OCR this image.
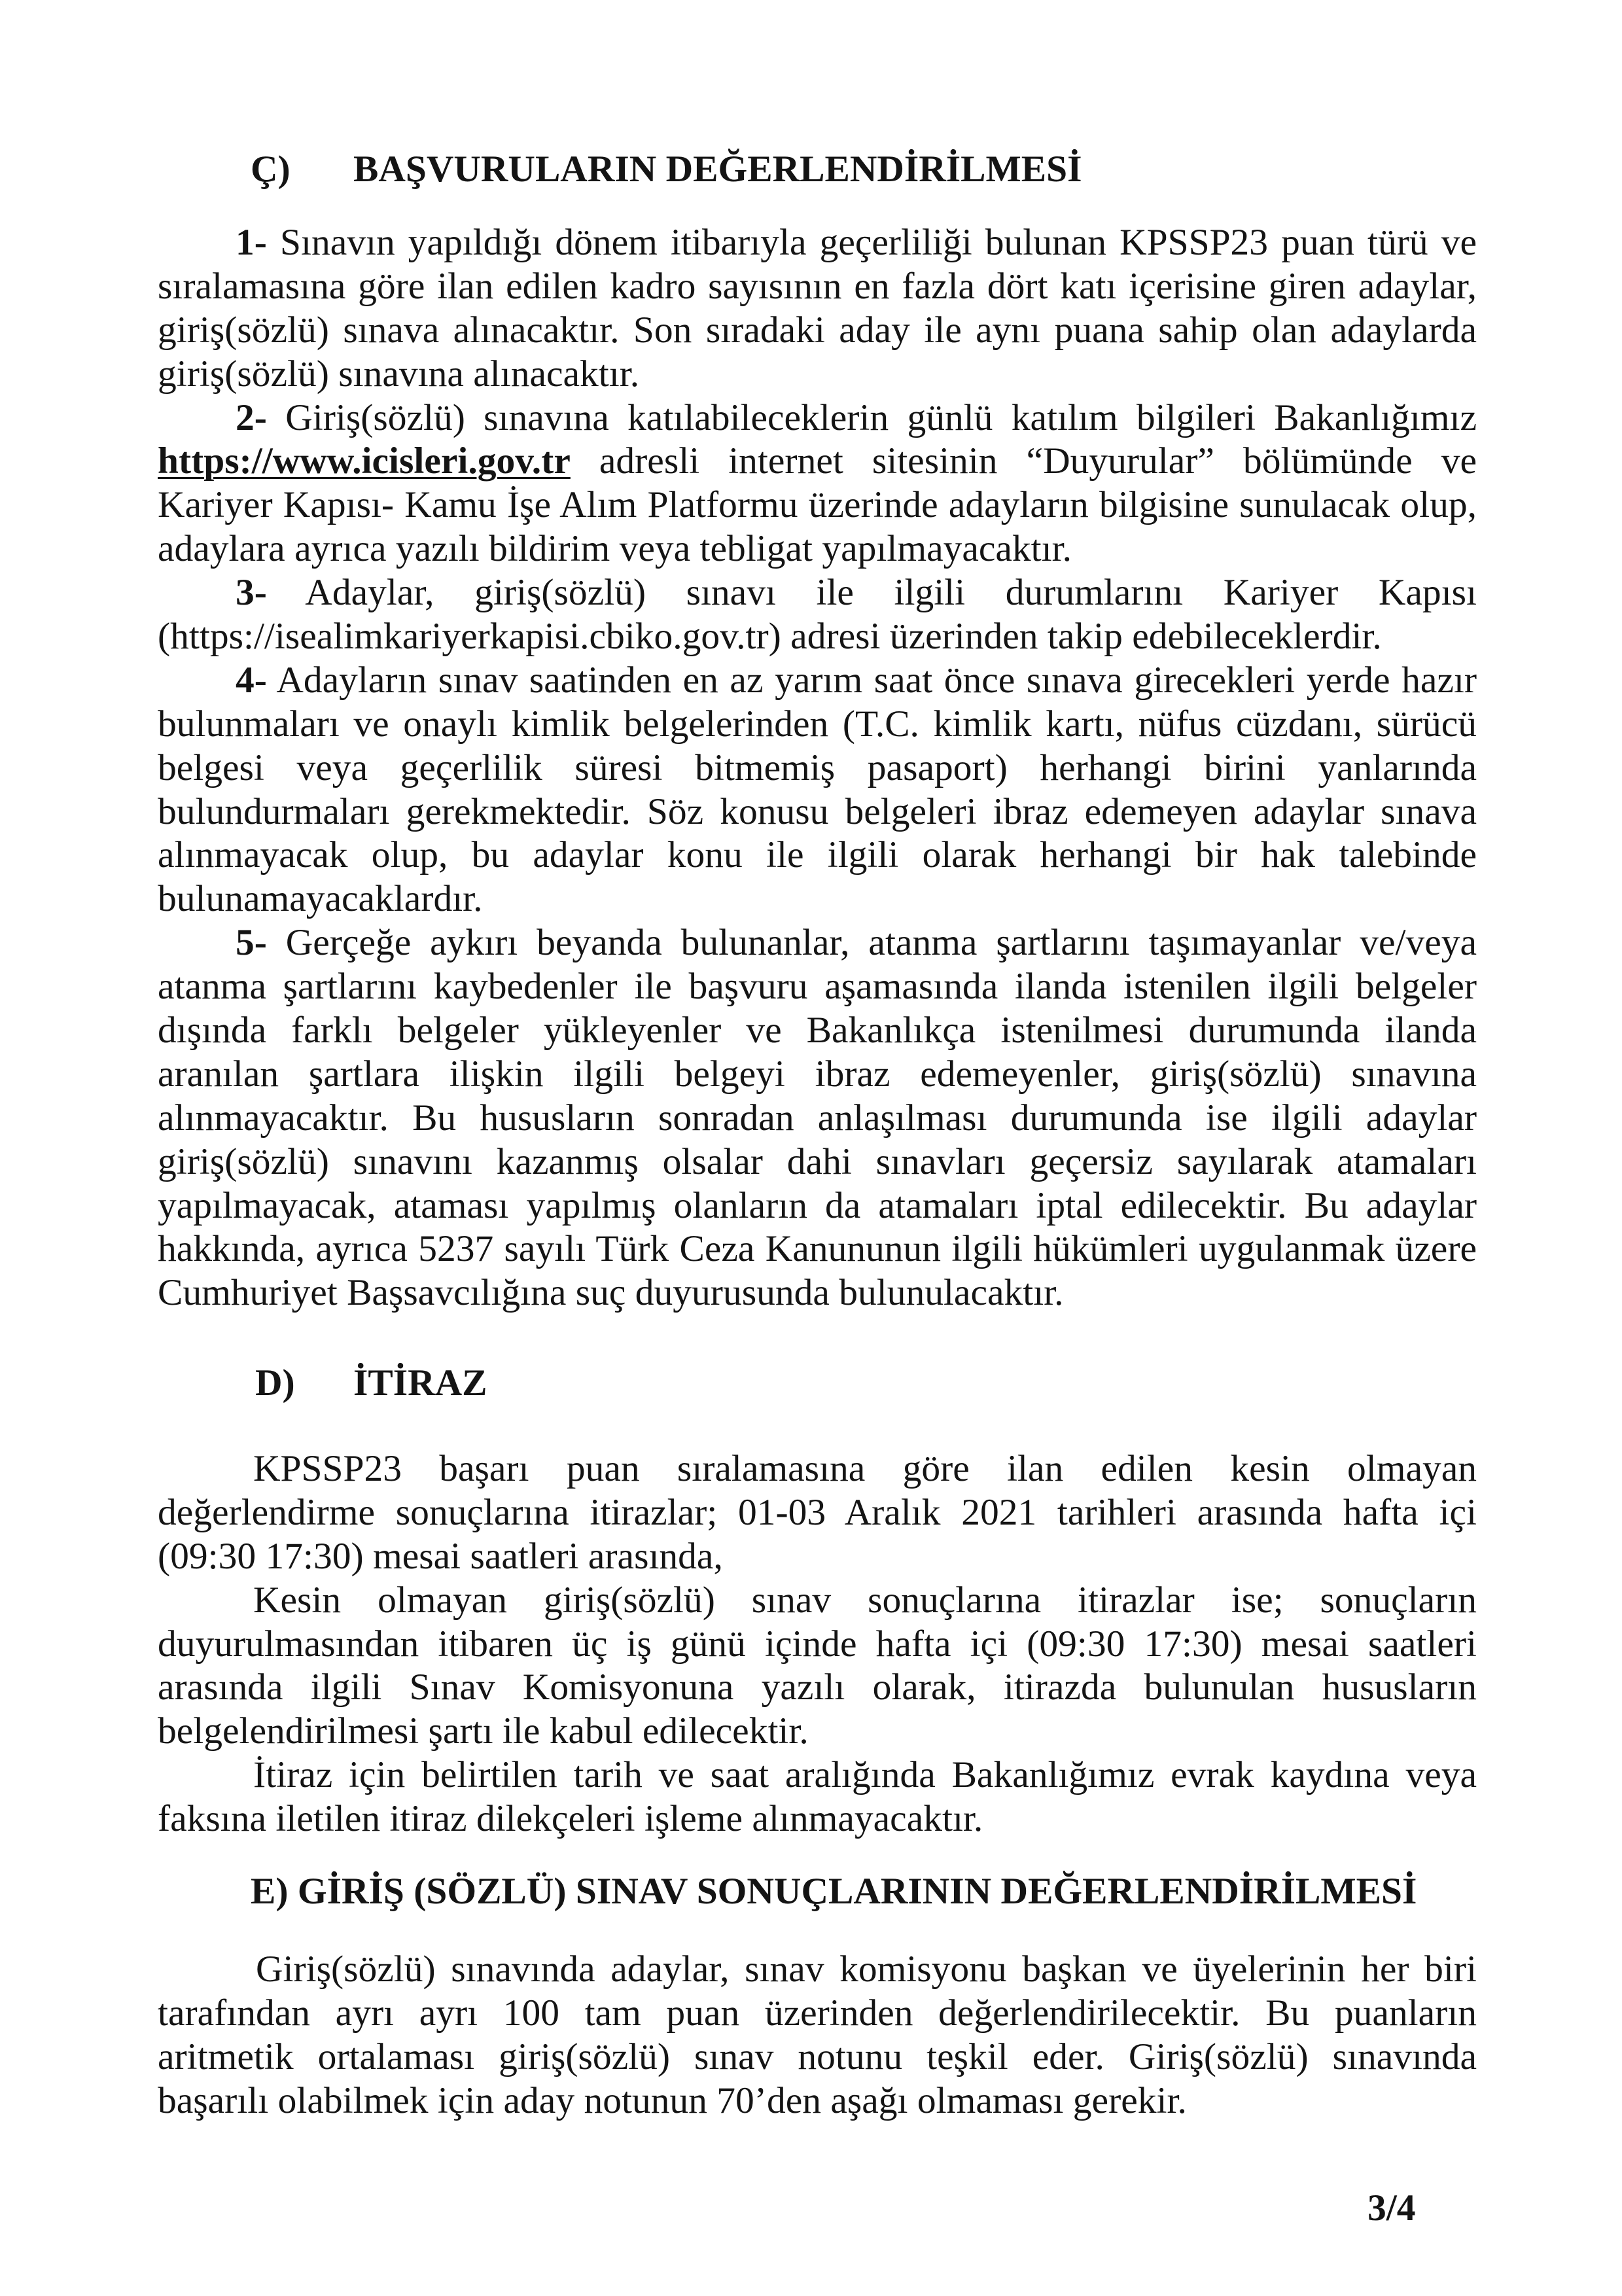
Ç) BAŞVURULARIN DEĞERLENDİRİLMESİ
1- Sınavın yapıldığı dönem itibarıyla geçerliliği bulunan KPSSP23 puan türü ve
sıralamasına göre ilan edilen kadro sayısının en fazla dört katı içerisine giren adaylar,
giriş(sözlü) sınava alınacaktır. Son sıradaki aday ile aynı puana sahip olan adaylarda
giriş(sözlü) sınavına alınacaktır.
2- Giriş(sözlü) sınavına katılabileceklerin günlü katılım bilgileri Bakanlığımız
https://www.icisleri.gov.tr adresli internet sitesinin “Duyurular” bölümünde ve
Kariyer Kapısı- Kamu İşe Alım Platformu üzerinde adayların bilgisine sunulacak olup,
adaylara ayrıca yazılı bildirim veya tebligat yapılmayacaktır.
3- Adaylar, giriş(sözlü) sınavı ile ilgili durumlarını Kariyer Kapısı
(https://isealimkariyerkapisi.cbiko.gov.tr) adresi üzerinden takip edebileceklerdir.
4- Adayların sınav saatinden en az yarım saat önce sınava girecekleri yerde hazır
bulunmaları ve onaylı kimlik belgelerinden (T.C. kimlik kartı, nüfus cüzdanı, sürücü
belgesi veya geçerlilik süresi bitmemiş pasaport) herhangi birini yanlarında
bulundurmaları gerekmektedir. Söz konusu belgeleri ibraz edemeyen adaylar sınava
alınmayacak olup, bu adaylar konu ile ilgili olarak herhangi bir hak talebinde
bulunamayacaklardır.
5- Gerçeğe aykırı beyanda bulunanlar, atanma şartlarını taşımayanlar ve/veya
atanma şartlarını kaybedenler ile başvuru aşamasında ilanda istenilen ilgili belgeler
dışında farklı belgeler yükleyenler ve Bakanlıkça istenilmesi durumunda ilanda
aranılan şartlara ilişkin ilgili belgeyi ibraz edemeyenler, giriş(sözlü) sınavına
alınmayacaktır. Bu hususların sonradan anlaşılması durumunda ise ilgili adaylar
giriş(sözlü) sınavını kazanmış olsalar dahi sınavları geçersiz sayılarak atamaları
yapılmayacak, ataması yapılmış olanların da atamaları iptal edilecektir. Bu adaylar
hakkında, ayrıca 5237 sayılı Türk Ceza Kanununun ilgili hükümleri uygulanmak üzere
Cumhuriyet Başsavcılığına suç duyurusunda bulunulacaktır.
D) İTİRAZ
KPSSP23 başarı puan sıralamasına göre ilan edilen kesin olmayan
değerlendirme sonuçlarına itirazlar; 01-03 Aralık 2021 tarihleri arasında hafta içi
(09:30 17:30) mesai saatleri arasında,
Kesin olmayan giriş(sözlü) sınav sonuçlarına itirazlar ise; sonuçların
duyurulmasından itibaren üç iş günü içinde hafta içi (09:30 17:30) mesai saatleri
arasında ilgili Sınav Komisyonuna yazılı olarak, itirazda bulunulan hususların
belgelendirilmesi şartı ile kabul edilecektir.
İtiraz için belirtilen tarih ve saat aralığında Bakanlığımız evrak kaydına veya
faksına iletilen itiraz dilekçeleri işleme alınmayacaktır.
E) GİRİŞ (SÖZLÜ) SINAV SONUÇLARININ DEĞERLENDİRİLMESİ
Giriş(sözlü) sınavında adaylar, sınav komisyonu başkan ve üyelerinin her biri
tarafından ayrı ayrı 100 tam puan üzerinden değerlendirilecektir. Bu puanların
aritmetik ortalaması giriş(sözlü) sınav notunu teşkil eder. Giriş(sözlü) sınavında
başarılı olabilmek için aday notunun 70’den aşağı olmaması gerekir.
3/4
